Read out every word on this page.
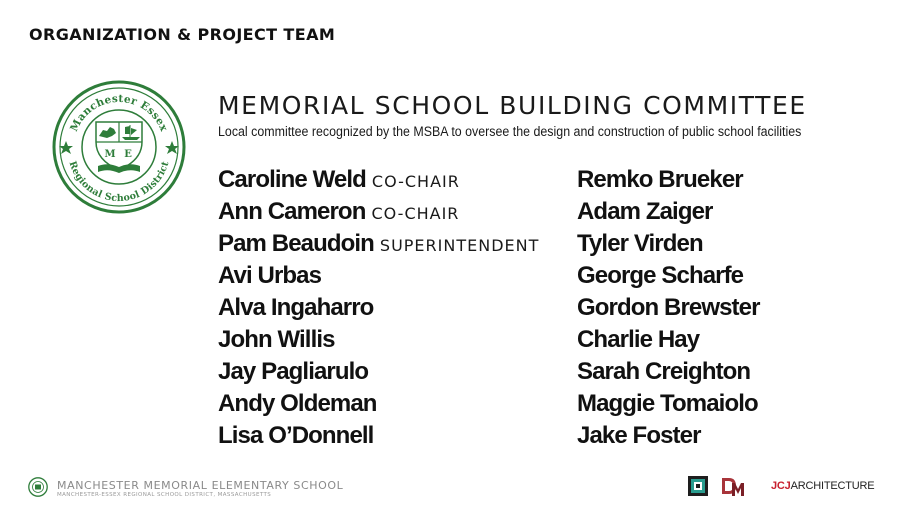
ORGANIZATION & PROJECT TEAM
Manchester Essex
Regional School District
M E
MEMORIAL SCHOOL BUILDING COMMITTEE
Local committee recognized by the MSBA to oversee the design and construction of public school facilities
Caroline Weld CO-CHAIR
Ann Cameron CO-CHAIR
Pam Beaudoin SUPERINTENDENT
Avi Urbas
Alva Ingaharro
John Willis
Jay Pagliarulo
Andy Oldeman
Lisa O’Donnell
Remko Brueker
Adam Zaiger
Tyler Virden
George Scharfe
Gordon Brewster
Charlie Hay
Sarah Creighton
Maggie Tomaiolo
Jake Foster
MANCHESTER MEMORIAL ELEMENTARY SCHOOL
MANCHESTER-ESSEX REGIONAL SCHOOL DISTRICT, MASSACHUSETTS
JCJARCHITECTURE
